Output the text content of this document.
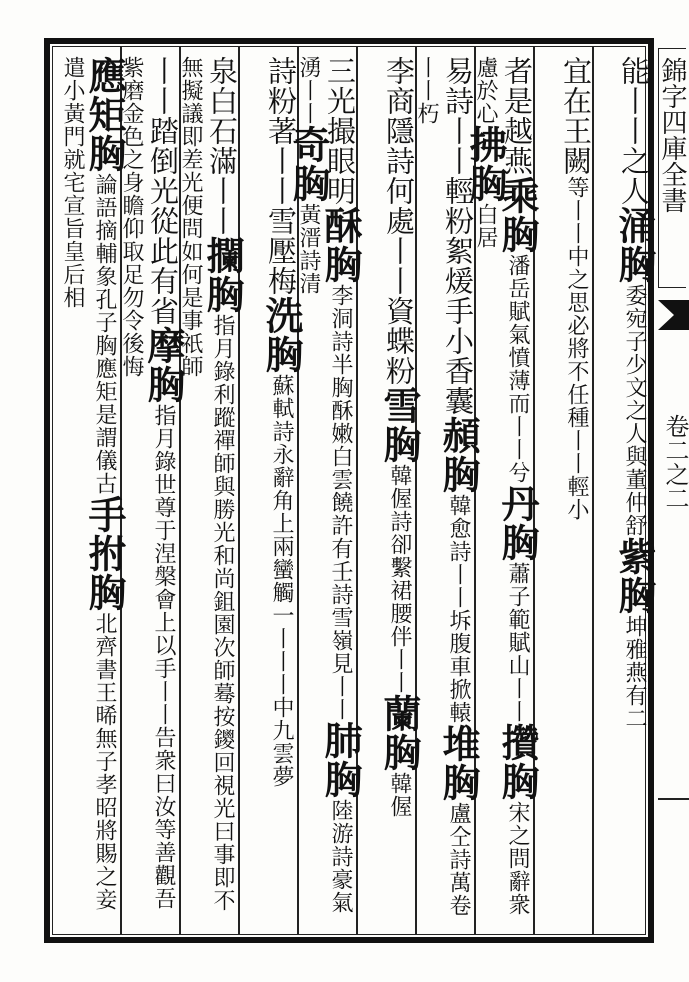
能丨丨之人涌胸委宛子少文之人與董仲舒紫胸坤雅燕有二
宜在王闕等丨丨中之思必將不任種丨丨輕小
者是越燕乘胸潘岳賦氣憤薄而丨丨兮丹胸蕭子範賦山丨丨攢胸宋之問辭衆慮於心拂胸白居
易詩丨丨輕粉絮煖手小香囊頳胸韓愈詩丨丨坼腹車掀轅堆胸盧仝詩萬卷丨丨朽
李商隱詩何處丨丨資蝶粉雪胸韓偓詩卻繫裙腰伴丨丨蘭胸韓偓
三光撮眼明酥胸李洞詩半胸酥嫩白雲饒許有壬詩雪嶺見丨丨肺胸陸游詩豪氣湧丨丨奇胸黃溍詩清
詩粉著丨丨雪壓梅洗胸蘇軾詩永辭角上兩蠻觸一丨丨丨中九雲夢
泉白石滿丨丨攔胸指月錄利蹤禪師與勝光和尚鉏園次師蓦按鑁回視光曰事即不無擬議即差光便問如何是事祇師
丨丨踏倒光從此有省摩胸指月錄世尊于涅槃會上以手丨丨告衆曰汝等善觀吾紫磨金色之身瞻仰取足勿令後悔
應矩胸論語摘輔象孔子胸應矩是謂儀古手拊胸北齊書王晞無子孝昭將賜之妾遣小黃門就宅宣旨皇后相	錦字四庫全書
卷二之二
